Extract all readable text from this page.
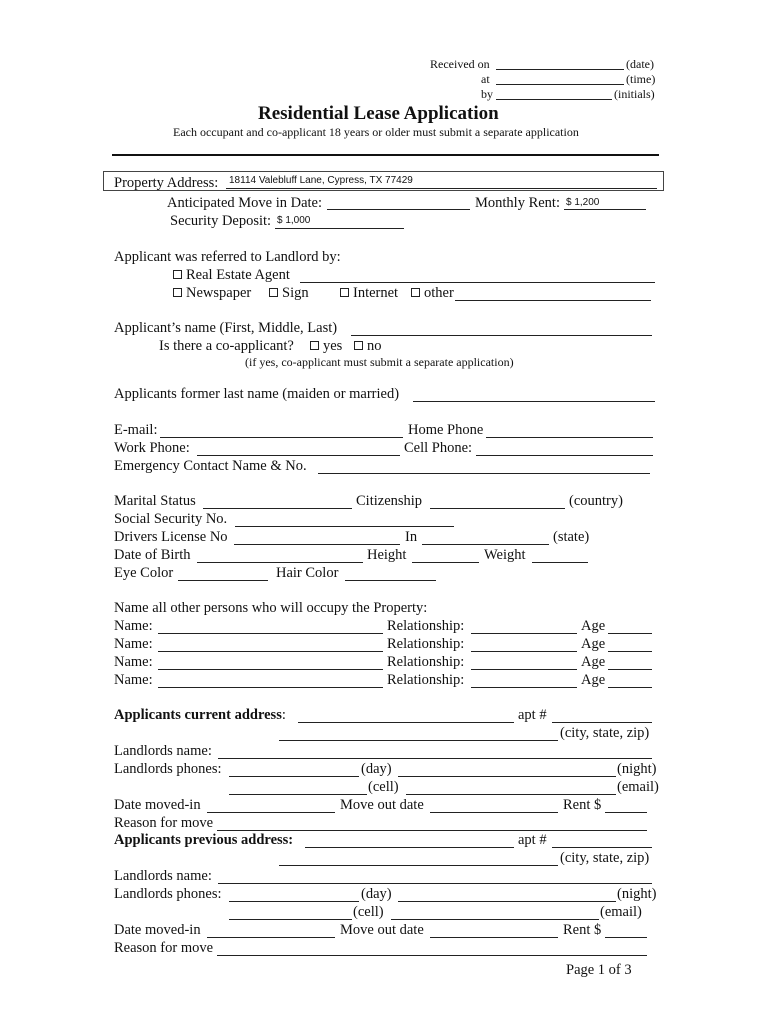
Received on	(date)
at	(time)
by	(initials)
Residential Lease Application
Each occupant and co-applicant 18 years or older must submit a separate application
Property Address: 18114 Valebluff Lane, Cypress, TX 77429
Anticipated Move in Date:	Monthly Rent: $ 1,200
Security Deposit: $ 1,000
Applicant was referred to Landlord by:
Real Estate Agent
Newspaper	Sign	Internet	other
Applicant’s name (First, Middle, Last)
Is there a co-applicant?	yes	no
(if yes, co-applicant must submit a separate application)
Applicants former last name (maiden or married)
E-mail:	Home Phone
Work Phone:	Cell Phone:
Emergency Contact Name & No.
Marital Status	Citizenship	(country)
Social Security No.
Drivers License No	In	(state)
Date of Birth	Height	Weight
Eye Color	Hair Color
Name all other persons who will occupy the Property:
Name:	Relationship:	Age
Name:	Relationship:	Age
Name:	Relationship:	Age
Name:	Relationship:	Age
Applicants current address:	apt #
(city, state, zip)
Landlords name:
Landlords phones:	(day)	(night)
(cell)	(email)
Date moved-in	Move out date	Rent $
Reason for move
Applicants previous address:	apt #
(city, state, zip)
Landlords name:
Landlords phones:	(day)	(night)
(cell)	(email)
Date moved-in	Move out date	Rent $
Reason for move
Page 1 of 3
